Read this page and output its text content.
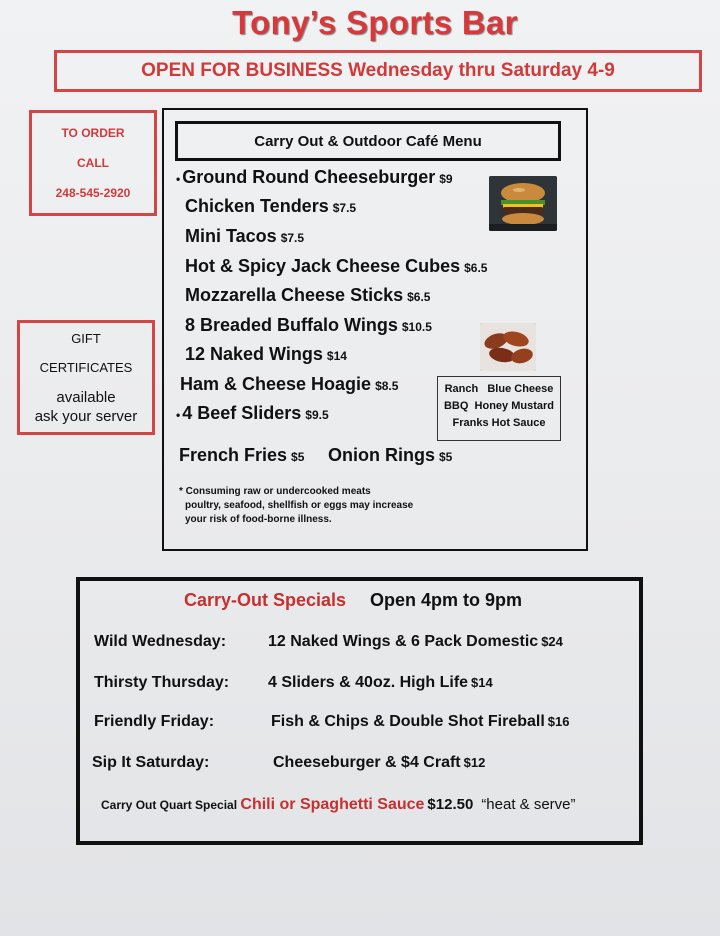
Tony’s Sports Bar
OPEN FOR BUSINESS Wednesday thru Saturday 4-9
TO ORDER
CALL
248-545-2920
GIFT
CERTIFICATES
available
ask your server
Carry Out & Outdoor Café Menu
• Ground Round Cheeseburger $9
Chicken Tenders $7.5
Mini Tacos $7.5
Hot & Spicy Jack Cheese Cubes $6.5
Mozzarella Cheese Sticks $6.5
8 Breaded Buffalo Wings $10.5
12 Naked Wings $14
Ham & Cheese Hoagie $8.5
• 4 Beef Sliders $9.5
French Fries $5 Onion Rings $5
Ranch   Blue Cheese
BBQ  Honey Mustard
Franks Hot Sauce
* Consuming raw or undercooked meats
poultry, seafood, shellfish or eggs may increase
your risk of food-borne illness.
Carry-Out Specials Open 4pm to 9pm
Wild Wednesday:	12 Naked Wings & 6 Pack Domestic $24
Thirsty Thursday: 4 Sliders & 40oz. High Life $14
Friendly Friday:	Fish & Chips & Double Shot Fireball $16
Sip It Saturday:	Cheeseburger & $4 Craft $12
Carry Out Quart Special Chili or Spaghetti Sauce $12.50 “heat & serve”
